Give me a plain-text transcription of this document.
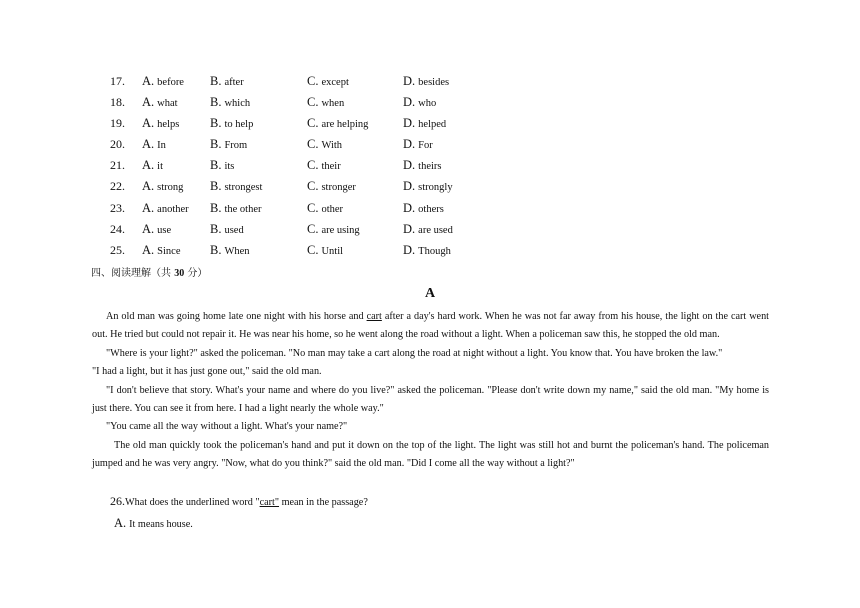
17. A. before B. after	C. except	D. besides
18. A. what	B. which	C. when	D. who
19. A. helps B. to help	C. are helping	D. helped
20. A. In	B. From	C. With	D. For
21. A. it	B. its	C. their	D. theirs
22. A. strong B. strongest	C. stronger	D. strongly
23. A. another B. the other	C. other	D. others
24. A. use	B. used	C. are using	D. are used
25. A. Since B. When	C. Until	D. Though
四、阅读理解（共 30 分）
A

An old man was going home late one night with his horse and cart after a day's hard work. When he was not far away from his house, the light on the cart went out. He tried but could not repair it. He was near his home, so he went along the road without a light. When a policeman saw this, he stopped the old man.

"Where is your light?" asked the policeman. "No man may take a cart along the road at night without a light. You know that. You have broken the law."

"I had a light, but it has just gone out," said the old man.

"I don't believe that story. What's your name and where do you live?" asked the policeman. "Please don't write down my name," said the old man. "My home is just there. You can see it from here. I had a light nearly the whole way."

"You came all the way without a light. What's your name?"

The old man quickly took the policeman's hand and put it down on the top of the light. The light was still hot and burnt the policeman's hand. The policeman jumped and he was very angry. "Now, what do you think?" said the old man. "Did I come all the way without a light?"

26.What does the underlined word "cart" mean in the passage?
A. It means house.
